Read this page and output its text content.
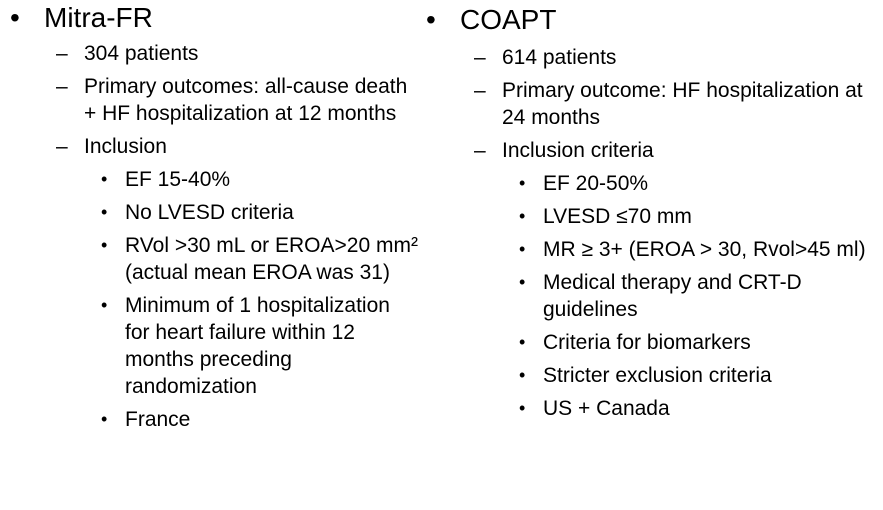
• Mitra-FR
– 304 patients
– Primary outcomes: all-cause death + HF hospitalization at 12 months
– Inclusion
• EF 15-40%
• No LVESD criteria
• RVol >30 mL or EROA>20 mm² (actual mean EROA was 31)
• Minimum of 1 hospitalization for heart failure within 12 months preceding randomization
• France
• COAPT
– 614 patients
– Primary outcome: HF hospitalization at 24 months
– Inclusion criteria
• EF 20-50%
• LVESD ≤70 mm
• MR ≥ 3+ (EROA > 30, Rvol>45 ml)
• Medical therapy and CRT-D guidelines
• Criteria for biomarkers
• Stricter exclusion criteria
• US + Canada
